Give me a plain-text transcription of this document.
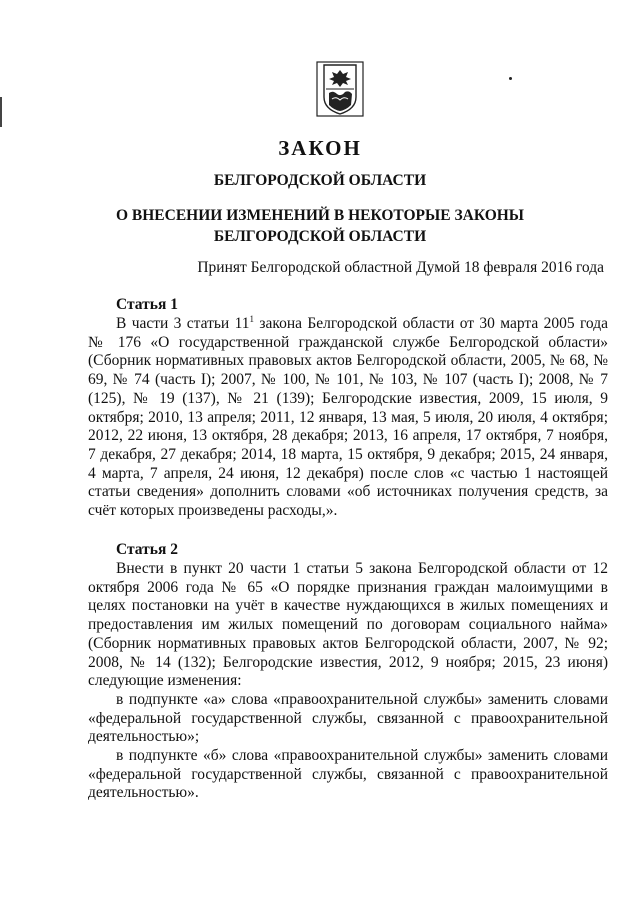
ЗАКОН
БЕЛГОРОДСКОЙ ОБЛАСТИ
О ВНЕСЕНИИ ИЗМЕНЕНИЙ В НЕКОТОРЫЕ ЗАКОНЫ
БЕЛГОРОДСКОЙ ОБЛАСТИ
Принят Белгородской областной Думой 18 февраля 2016 года
Статья 1

В части 3 статьи $11^1$ закона Белгородской области от 30 марта 2005 года № 176 «О государственной гражданской службе Белгородской области» (Сборник нормативных правовых актов Белгородской области, 2005, № 68, № 69, № 74 (часть I); 2007, № 100, № 101, № 103, № 107 (часть I); 2008, № 7 (125), № 19 (137), № 21 (139); Белгородские известия, 2009, 15 июля, 9 октября; 2010, 13 апреля; 2011, 12 января, 13 мая, 5 июля, 20 июля, 4 октября; 2012, 22 июня, 13 октября, 28 декабря; 2013, 16 апреля, 17 октября, 7 ноября, 7 декабря, 27 декабря; 2014, 18 марта, 15 октября, 9 декабря; 2015, 24 января, 4 марта, 7 апреля, 24 июня, 12 декабря) после слов «с частью 1 настоящей статьи сведения» дополнить словами «об источниках получения средств, за счёт которых произведены расходы,».

Статья 2

Внести в пункт 20 части 1 статьи 5 закона Белгородской области от 12 октября 2006 года № 65 «О порядке признания граждан малоимущими в целях постановки на учёт в качестве нуждающихся в жилых помещениях и предоставления им жилых помещений по договорам социального найма» (Сборник нормативных правовых актов Белгородской области, 2007, № 92; 2008, № 14 (132); Белгородские известия, 2012, 9 ноября; 2015, 23 июня) следующие изменения:

в подпункте «а» слова «правоохранительной службы» заменить словами «федеральной государственной службы, связанной с правоохранительной деятельностью»;

в подпункте «б» слова «правоохранительной службы» заменить словами «федеральной государственной службы, связанной с правоохранительной деятельностью».
